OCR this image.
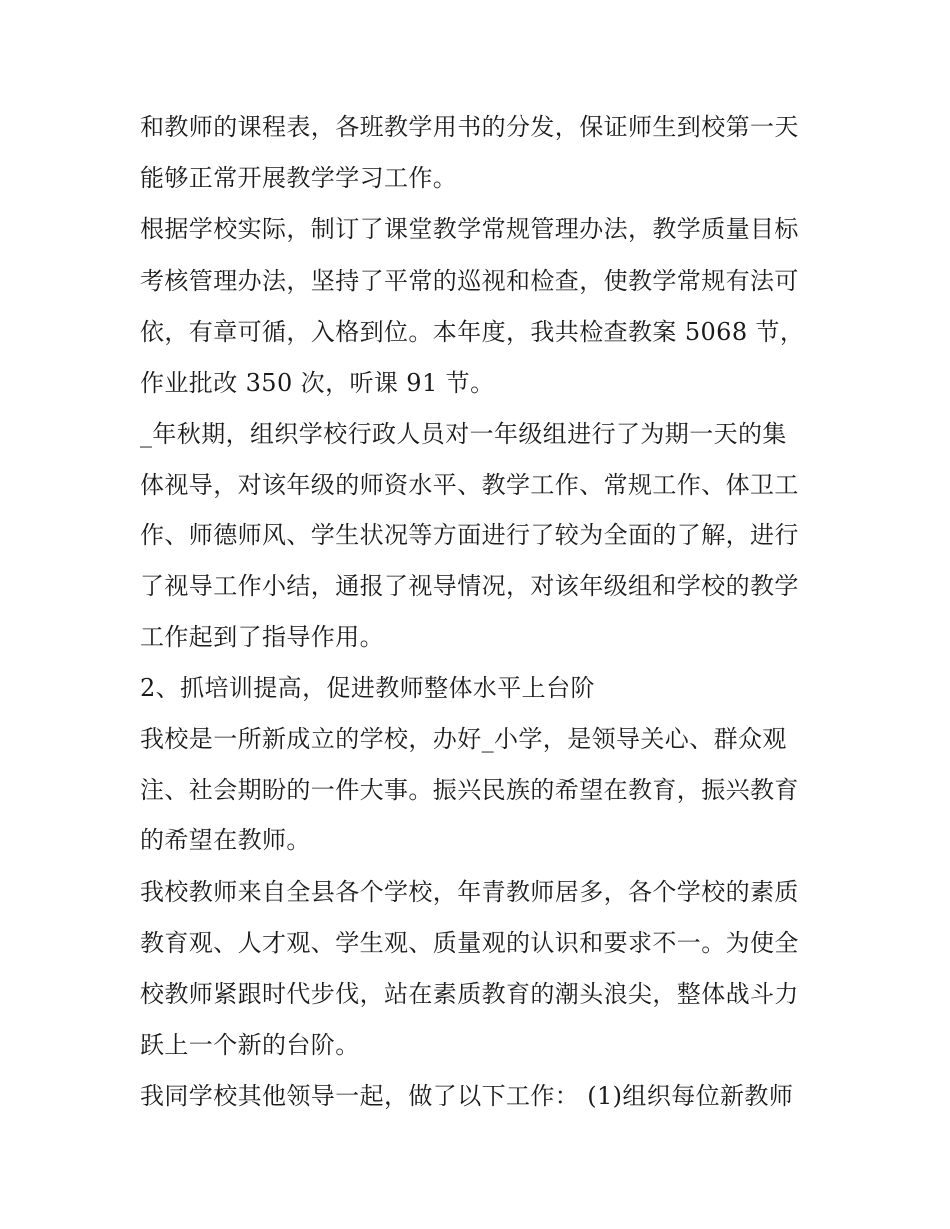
和教师的课程表，各班教学用书的分发，保证师生到校第一天

能够正常开展教学学习工作。

根据学校实际，制订了课堂教学常规管理办法，教学质量目标

考核管理办法，坚持了平常的巡视和检查，使教学常规有法可

依，有章可循，入格到位。本年度，我共检查教案 5068 节，

作业批改 350 次，听课 91 节。

_年秋期，组织学校行政人员对一年级组进行了为期一天的集

体视导，对该年级的师资水平、教学工作、常规工作、体卫工

作、师德师风、学生状况等方面进行了较为全面的了解，进行

了视导工作小结，通报了视导情况，对该年级组和学校的教学

工作起到了指导作用。

2、抓培训提高，促进教师整体水平上台阶

我校是一所新成立的学校，办好_小学，是领导关心、群众观

注、社会期盼的一件大事。振兴民族的希望在教育，振兴教育

的希望在教师。

我校教师来自全县各个学校，年青教师居多，各个学校的素质

教育观、人才观、学生观、质量观的认识和要求不一。为使全

校教师紧跟时代步伐，站在素质教育的潮头浪尖，整体战斗力

跃上一个新的台阶。

我同学校其他领导一起，做了以下工作： (1)组织每位新教师
